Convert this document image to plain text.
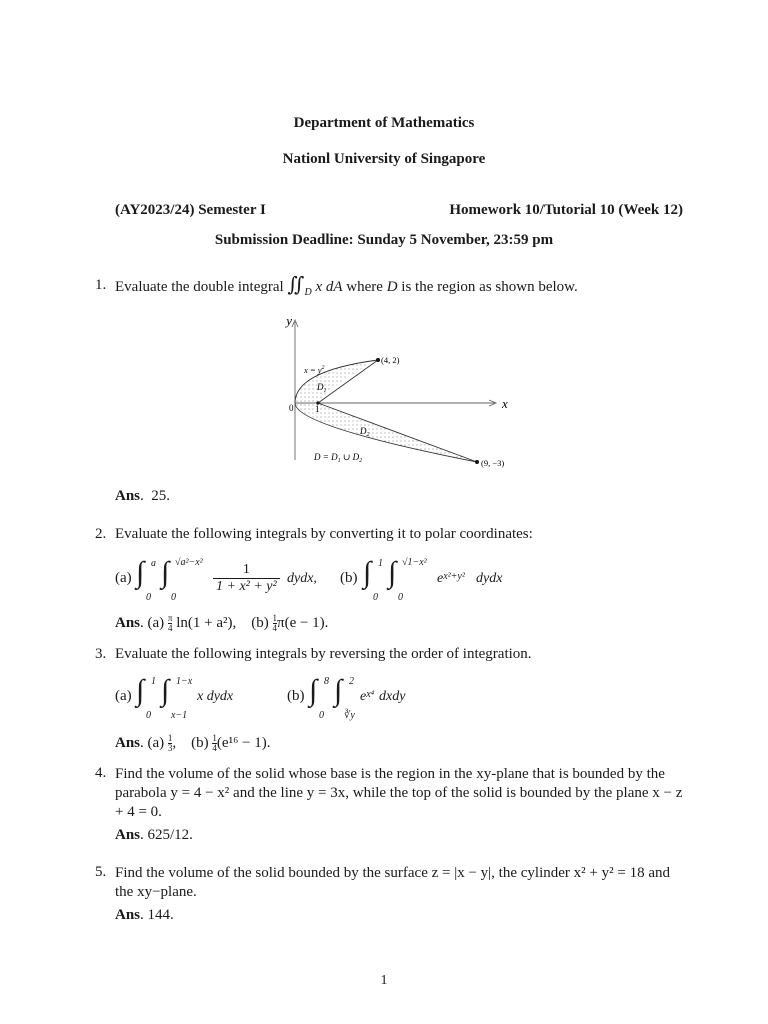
Department of Mathematics
Nationl University of Singapore
(AY2023/24) Semester I	Homework 10/Tutorial 10 (Week 12)
Submission Deadline: Sunday 5 November, 23:59 pm
1. Evaluate the double integral $∬_D$ x dA where D is the region as shown below.
y
x
(4, 2)
(9, −3)
0 1
$x = y^2$
$D_1$
$D_2$
$D = D_1$ ∪ $D_2$
Ans.  25.
2. Evaluate the following integrals by converting it to polar coordinates:
(a) ∫ a
0
∫ √a²−x²
0
$\frac{1}{\text{1 + x² + y²}}$ dydx, (b) ∫ 1
0
∫ √1−x²
0
$e^{x^2+y^2}$ dydx
Ans. $(a) \frac{\pi}{4} \ln(1 + a^2)$, $(b) \frac{1}{4} \pi(e - 1)$.
3. Evaluate the following integrals by reversing the order of integration.
(a) ∫ 1
0
∫ 1−x
x−1
x dydx	(b) ∫ 8
0
∫ 2
∛y
$e^{x^4}$ dxdy
Ans. $(a) \frac{1}{3}$ , $(b) \frac{1}{4} (e^{16} - 1)$.
4. Find the volume of the solid whose base is the region in the xy-plane that is bounded by the parabola y = 4 − x² and the line y = 3x, while the top of the solid is bounded by the plane x − z + 4 = 0.
Ans. 625/12.
5. Find the volume of the solid bounded by the surface z = |x − y|, the cylinder x² + y² = 18 and the xy−plane.
Ans. 144.
1
